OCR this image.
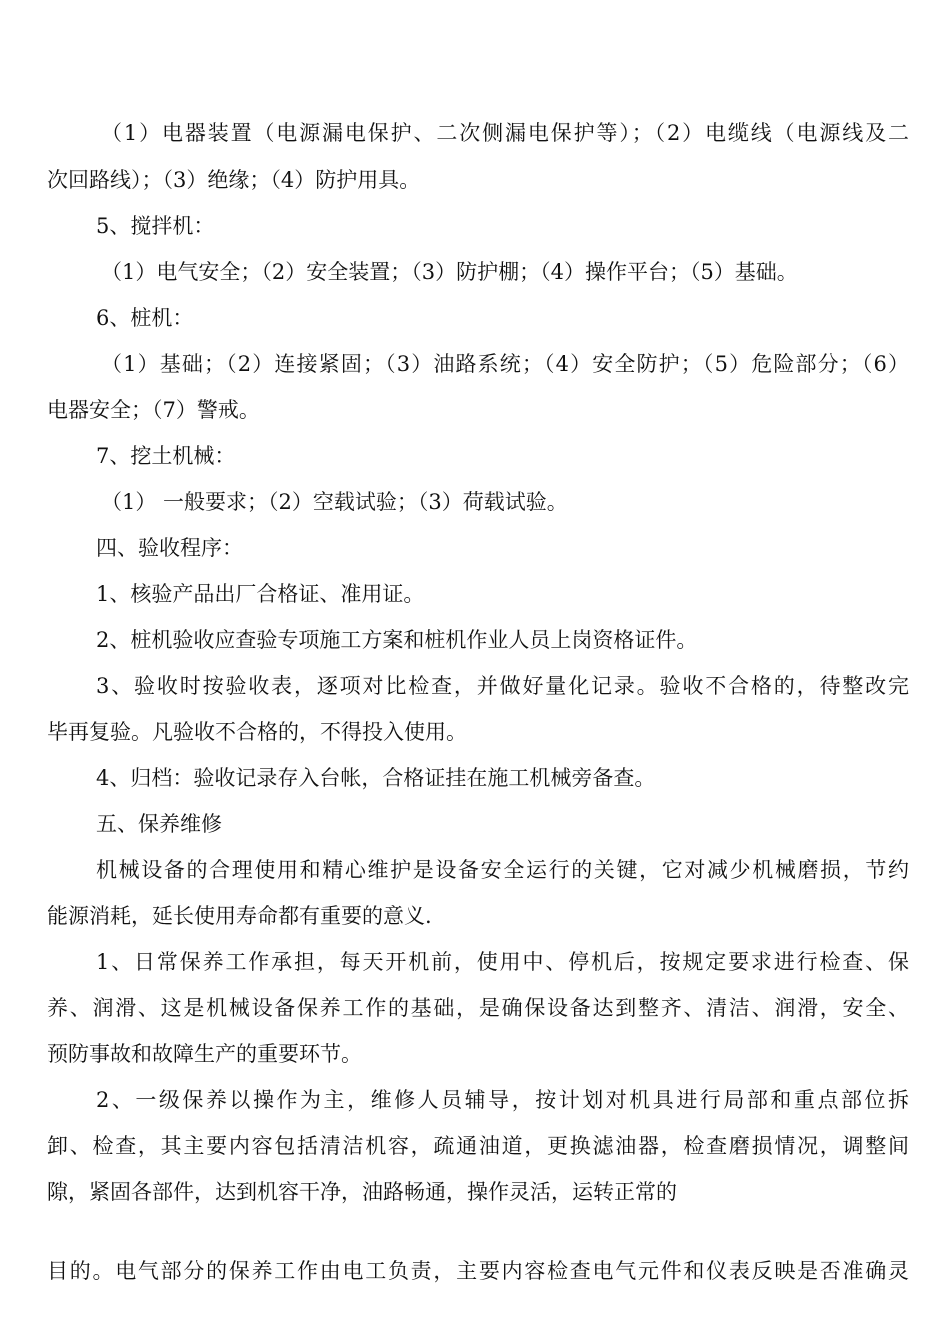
（1）电器装置（电源漏电保护、二次侧漏电保护等）；（2）电缆线（电源线及二
次回路线）；（3）绝缘；（4）防护用具。
5、搅拌机：
（1）电气安全；（2）安全装置；（3）防护棚；（4）操作平台；（5）基础。
6、桩机：
（1）基础；（2）连接紧固；（3）油路系统；（4）安全防护；（5）危险部分；（6）
电器安全；（7）警戒。
7、挖土机械：
（1） 一般要求；（2）空载试验；（3）荷载试验。
四、验收程序：
1、核验产品出厂合格证、准用证。
2、桩机验收应查验专项施工方案和桩机作业人员上岗资格证件。
3、验收时按验收表，逐项对比检查，并做好量化记录。验收不合格的，待整改完
毕再复验。凡验收不合格的，不得投入使用。
4、归档：验收记录存入台帐，合格证挂在施工机械旁备查。
五、保养维修
机械设备的合理使用和精心维护是设备安全运行的关键，它对减少机械磨损，节约
能源消耗，延长使用寿命都有重要的意义.
1、日常保养工作承担，每天开机前，使用中、停机后，按规定要求进行检查、保
养、润滑、这是机械设备保养工作的基础，是确保设备达到整齐、清洁、润滑，安全、
预防事故和故障生产的重要环节。
2、一级保养以操作为主，维修人员辅导，按计划对机具进行局部和重点部位拆
卸、检查，其主要内容包括清洁机容，疏通油道，更换滤油器，检查磨损情况，调整间
隙，紧固各部件，达到机容干净，油路畅通，操作灵活，运转正常的
目的。电气部分的保养工作由电工负责，主要内容检查电气元件和仪表反映是否准确灵
